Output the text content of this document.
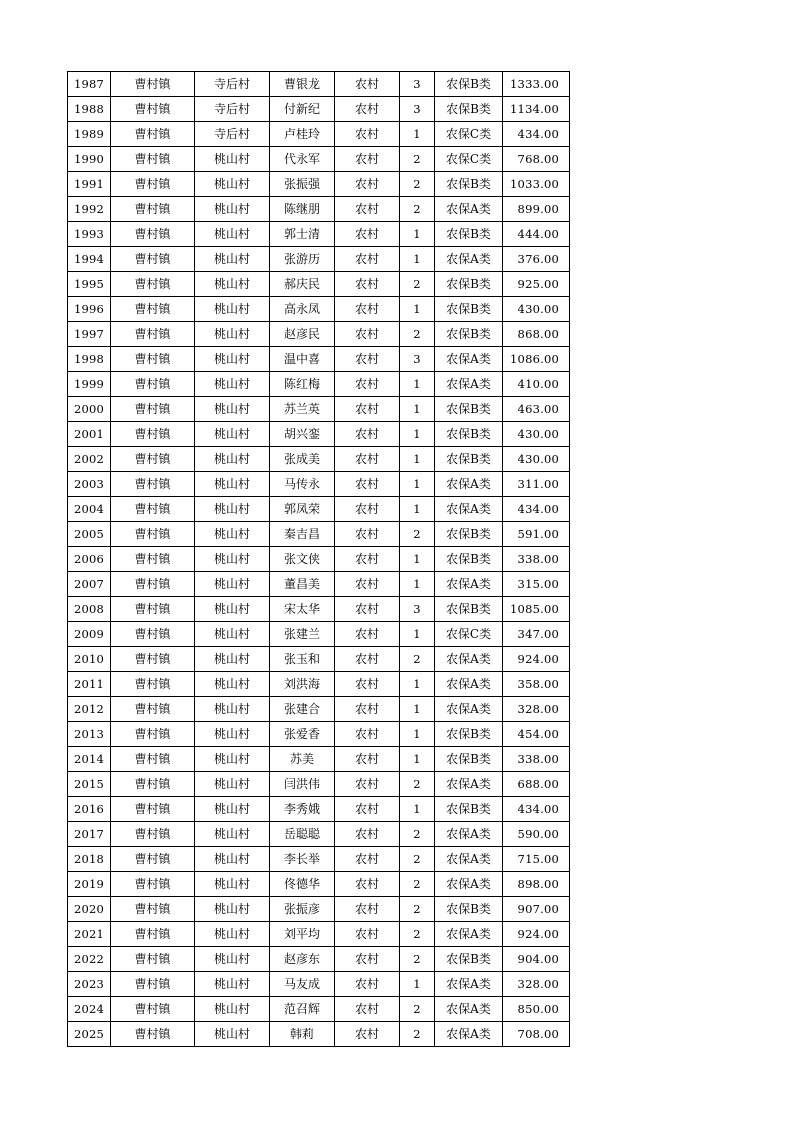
1987	曹村镇	寺后村	曹银龙	农村	3	农保B类	1333.00
1988	曹村镇	寺后村	付新纪	农村	3	农保B类	1134.00
1989	曹村镇	寺后村	卢桂玲	农村	1	农保C类	434.00
1990	曹村镇	桃山村	代永军	农村	2	农保C类	768.00
1991	曹村镇	桃山村	张振强	农村	2	农保B类	1033.00
1992	曹村镇	桃山村	陈继朋	农村	2	农保A类	899.00
1993	曹村镇	桃山村	郭士清	农村	1	农保B类	444.00
1994	曹村镇	桃山村	张游历	农村	1	农保A类	376.00
1995	曹村镇	桃山村	郝庆民	农村	2	农保B类	925.00
1996	曹村镇	桃山村	高永凤	农村	1	农保B类	430.00
1997	曹村镇	桃山村	赵彦民	农村	2	农保B类	868.00
1998	曹村镇	桃山村	温中喜	农村	3	农保A类	1086.00
1999	曹村镇	桃山村	陈红梅	农村	1	农保A类	410.00
2000	曹村镇	桃山村	苏兰英	农村	1	农保B类	463.00
2001	曹村镇	桃山村	胡兴銮	农村	1	农保B类	430.00
2002	曹村镇	桃山村	张成美	农村	1	农保B类	430.00
2003	曹村镇	桃山村	马传永	农村	1	农保A类	311.00
2004	曹村镇	桃山村	郭凤荣	农村	1	农保A类	434.00
2005	曹村镇	桃山村	秦吉昌	农村	2	农保B类	591.00
2006	曹村镇	桃山村	张文侠	农村	1	农保B类	338.00
2007	曹村镇	桃山村	董昌美	农村	1	农保A类	315.00
2008	曹村镇	桃山村	宋太华	农村	3	农保B类	1085.00
2009	曹村镇	桃山村	张建兰	农村	1	农保C类	347.00
2010	曹村镇	桃山村	张玉和	农村	2	农保A类	924.00
2011	曹村镇	桃山村	刘洪海	农村	1	农保A类	358.00
2012	曹村镇	桃山村	张建合	农村	1	农保A类	328.00
2013	曹村镇	桃山村	张爱香	农村	1	农保B类	454.00
2014	曹村镇	桃山村	苏美	农村	1	农保B类	338.00
2015	曹村镇	桃山村	闫洪伟	农村	2	农保A类	688.00
2016	曹村镇	桃山村	李秀娥	农村	1	农保B类	434.00
2017	曹村镇	桃山村	岳聪聪	农村	2	农保A类	590.00
2018	曹村镇	桃山村	李长举	农村	2	农保A类	715.00
2019	曹村镇	桃山村	佟德华	农村	2	农保A类	898.00
2020	曹村镇	桃山村	张振彦	农村	2	农保B类	907.00
2021	曹村镇	桃山村	刘平均	农村	2	农保A类	924.00
2022	曹村镇	桃山村	赵彦东	农村	2	农保B类	904.00
2023	曹村镇	桃山村	马友成	农村	1	农保A类	328.00
2024	曹村镇	桃山村	范召辉	农村	2	农保A类	850.00
2025	曹村镇	桃山村	韩莉	农村	2	农保A类	708.00
